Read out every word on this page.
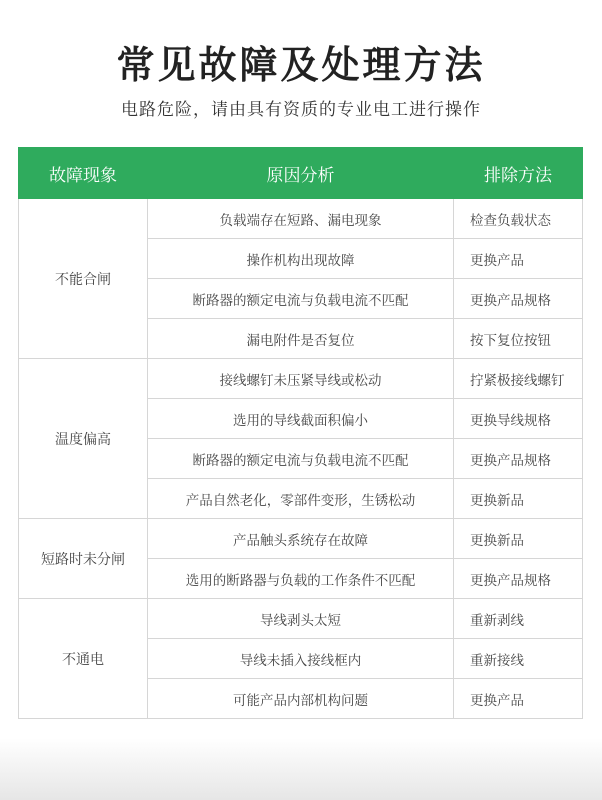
常见故障及处理方法
电路危险，请由具有资质的专业电工进行操作
故障现象	原因分析	排除方法
不能合闸	负载端存在短路、漏电现象	检查负载状态
	操作机构出现故障	更换产品
	断路器的额定电流与负载电流不匹配	更换产品规格
	漏电附件是否复位	按下复位按钮
温度偏高	接线螺钉未压紧导线或松动	拧紧极接线螺钉
	选用的导线截面积偏小	更换导线规格
	断路器的额定电流与负载电流不匹配	更换产品规格
	产品自然老化，零部件变形，生锈松动	更换新品
短路时未分闸	产品触头系统存在故障	更换新品
	选用的断路器与负载的工作条件不匹配	更换产品规格
不通电	导线剥头太短	重新剥线
	导线未插入接线框内	重新接线
	可能产品内部机构问题	更换产品
